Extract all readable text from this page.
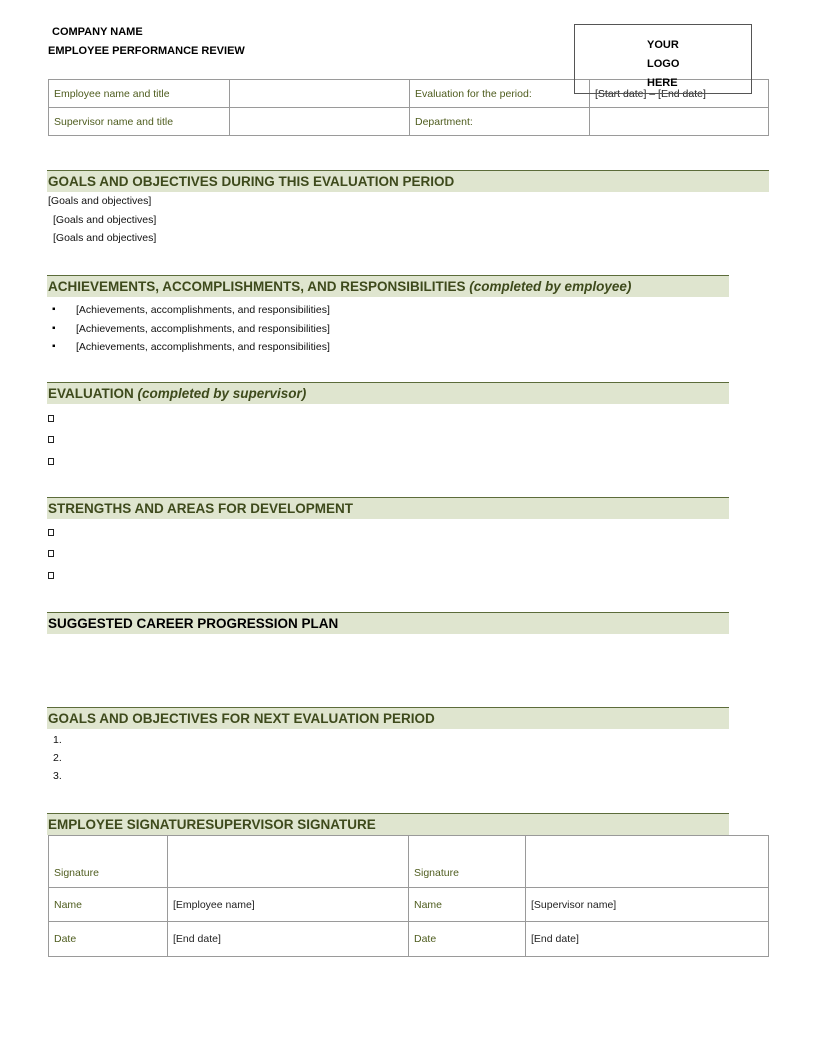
COMPANY NAME
EMPLOYEE PERFORMANCE REVIEW
Employee name and title		Evaluation for the period:	[Start date] – [End date]
Supervisor name and title		Department:	
YOUR
LOGO
HERE
GOALS AND OBJECTIVES DURING THIS EVALUATION PERIOD
[Goals and objectives]
[Goals and objectives]
[Goals and objectives]
ACHIEVEMENTS, ACCOMPLISHMENTS, AND RESPONSIBILITIES (completed by employee)
▪ [Achievements, accomplishments, and responsibilities]
▪ [Achievements, accomplishments, and responsibilities]
▪ [Achievements, accomplishments, and responsibilities]
EVALUATION (completed by supervisor)
STRENGTHS AND AREAS FOR DEVELOPMENT
SUGGESTED CAREER PROGRESSION PLAN
GOALS AND OBJECTIVES FOR NEXT EVALUATION PERIOD
1.
2.
3.
EMPLOYEE SIGNATURESUPERVISOR SIGNATURE
Signature		Signature	
Name	[Employee name]	Name	[Supervisor name]
Date	[End date]	Date	[End date]
